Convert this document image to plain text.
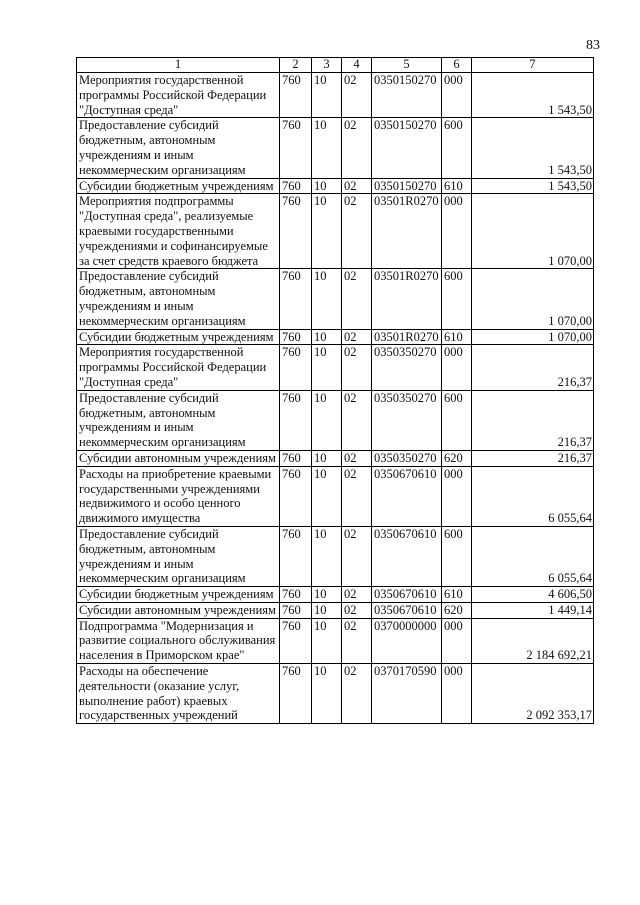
83
1	2	3	4	5	6	7
Мероприятия государственной программы Российской Федерации "Доступная среда"	760	10	02	0350150270	000	1 543,50
Предоставление субсидий бюджетным, автономным учреждениям и иным некоммерческим организациям	760	10	02	0350150270	600	1 543,50
Субсидии бюджетным учреждениям	760	10	02	0350150270	610	1 543,50
Мероприятия подпрограммы "Доступная среда", реализуемые краевыми государственными учреждениями и софинансируемые за счет средств краевого бюджета	760	10	02	03501R0270	000	1 070,00
Предоставление субсидий бюджетным, автономным учреждениям и иным некоммерческим организациям	760	10	02	03501R0270	600	1 070,00
Субсидии бюджетным учреждениям	760	10	02	03501R0270	610	1 070,00
Мероприятия государственной программы Российской Федерации "Доступная среда"	760	10	02	0350350270	000	216,37
Предоставление субсидий бюджетным, автономным учреждениям и иным некоммерческим организациям	760	10	02	0350350270	600	216,37
Субсидии автономным учреждениям	760	10	02	0350350270	620	216,37
Расходы на приобретение краевыми государственными учреждениями недвижимого и особо ценного движимого имущества	760	10	02	0350670610	000	6 055,64
Предоставление субсидий бюджетным, автономным учреждениям и иным некоммерческим организациям	760	10	02	0350670610	600	6 055,64
Субсидии бюджетным учреждениям	760	10	02	0350670610	610	4 606,50
Субсидии автономным учреждениям	760	10	02	0350670610	620	1 449,14
Подпрограмма "Модернизация и развитие социального обслуживания населения в Приморском крае"	760	10	02	0370000000	000	2 184 692,21
Расходы на обеспечение деятельности (оказание услуг, выполнение работ) краевых государственных учреждений	760	10	02	0370170590	000	2 092 353,17
